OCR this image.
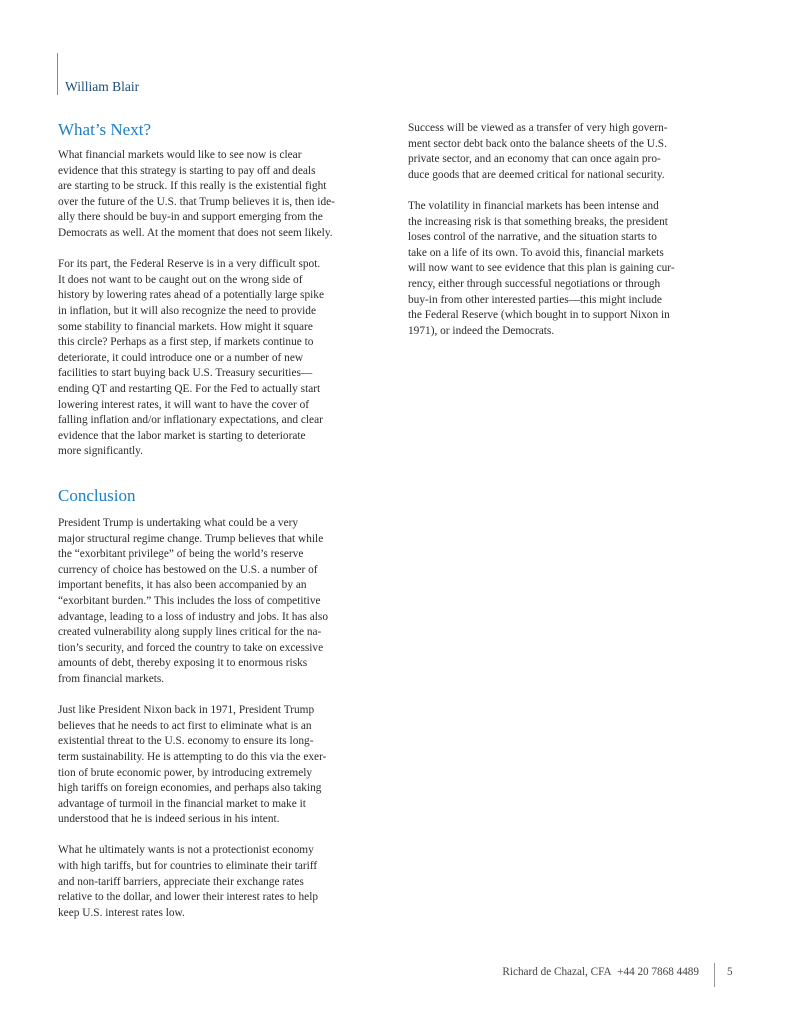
William Blair
What’s Next?

What financial markets would like to see now is clear

evidence that this strategy is starting to pay off and deals

are starting to be struck. If this really is the existential fight

over the future of the U.S. that Trump believes it is, then ide-

ally there should be buy-in and support emerging from the

Democrats as well. At the moment that does not seem likely.

For its part, the Federal Reserve is in a very difficult spot.

It does not want to be caught out on the wrong side of

history by lowering rates ahead of a potentially large spike

in inflation, but it will also recognize the need to provide

some stability to financial markets. How might it square

this circle? Perhaps as a first step, if markets continue to

deteriorate, it could introduce one or a number of new

facilities to start buying back U.S. Treasury securities—

ending QT and restarting QE. For the Fed to actually start

lowering interest rates, it will want to have the cover of

falling inflation and/or inflationary expectations, and clear

evidence that the labor market is starting to deteriorate

more significantly.

Conclusion

President Trump is undertaking what could be a very

major structural regime change. Trump believes that while

the “exorbitant privilege” of being the world’s reserve

currency of choice has bestowed on the U.S. a number of

important benefits, it has also been accompanied by an

“exorbitant burden.” This includes the loss of competitive

advantage, leading to a loss of industry and jobs. It has also

created vulnerability along supply lines critical for the na-

tion’s security, and forced the country to take on excessive

amounts of debt, thereby exposing it to enormous risks

from financial markets.

Just like President Nixon back in 1971, President Trump

believes that he needs to act first to eliminate what is an

existential threat to the U.S. economy to ensure its long-

term sustainability. He is attempting to do this via the exer-

tion of brute economic power, by introducing extremely

high tariffs on foreign economies, and perhaps also taking

advantage of turmoil in the financial market to make it

understood that he is indeed serious in his intent.

What he ultimately wants is not a protectionist economy

with high tariffs, but for countries to eliminate their tariff

and non-tariff barriers, appreciate their exchange rates

relative to the dollar, and lower their interest rates to help

keep U.S. interest rates low.

Success will be viewed as a transfer of very high govern-

ment sector debt back onto the balance sheets of the U.S.

private sector, and an economy that can once again pro-

duce goods that are deemed critical for national security.

The volatility in financial markets has been intense and

the increasing risk is that something breaks, the president

loses control of the narrative, and the situation starts to

take on a life of its own. To avoid this, financial markets

will now want to see evidence that this plan is gaining cur-

rency, either through successful negotiations or through

buy-in from other interested parties—this might include

the Federal Reserve (which bought in to support Nixon in

1971), or indeed the Democrats.

Richard de Chazal, CFA +44 20 7868 4489	5
